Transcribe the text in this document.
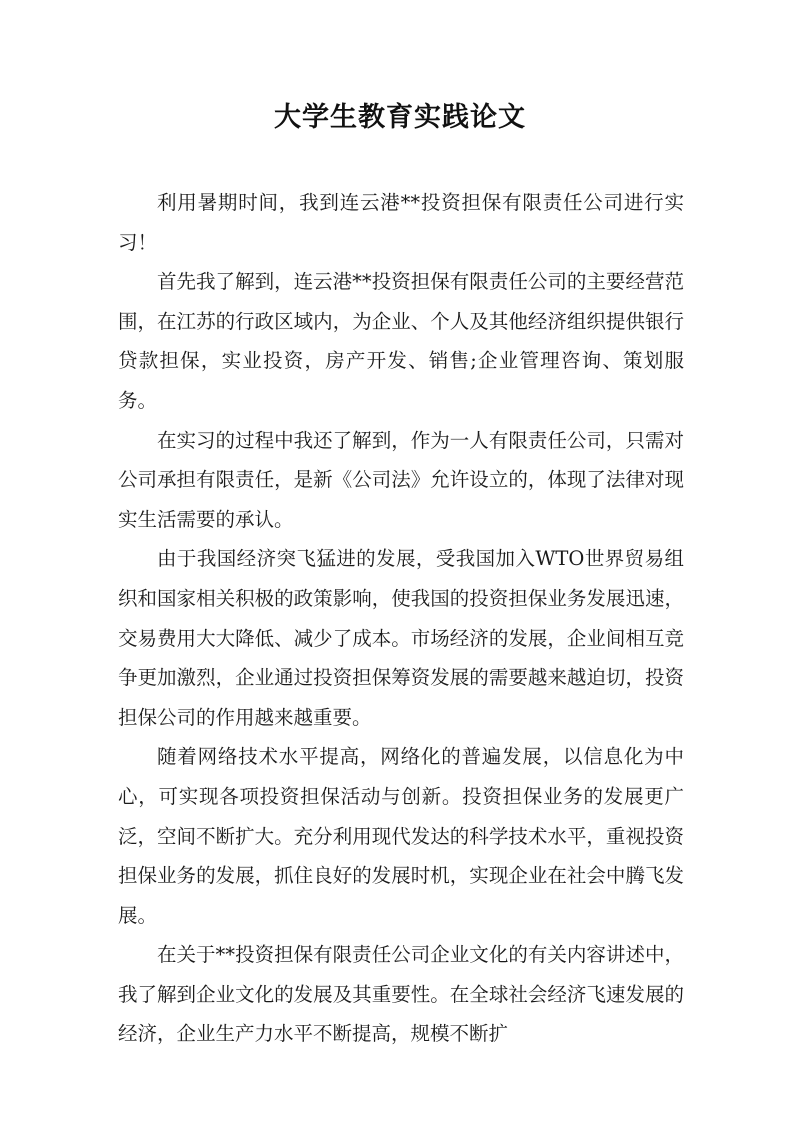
大学生教育实践论文

利用暑期时间，我到连云港**投资担保有限责任公司进行实习！

首先我了解到，连云港**投资担保有限责任公司的主要经营范围，在江苏的行政区域内，为企业、个人及其他经济组织提供银行贷款担保，实业投资，房产开发、销售;企业管理咨询、策划服务。

在实习的过程中我还了解到，作为一人有限责任公司，只需对公司承担有限责任，是新《公司法》允许设立的，体现了法律对现实生活需要的承认。

由于我国经济突飞猛进的发展，受我国加入WTO世界贸易组织和国家相关积极的政策影响，使我国的投资担保业务发展迅速，交易费用大大降低、减少了成本。市场经济的发展，企业间相互竞争更加激烈，企业通过投资担保筹资发展的需要越来越迫切，投资担保公司的作用越来越重要。

随着网络技术水平提高，网络化的普遍发展，以信息化为中心，可实现各项投资担保活动与创新。投资担保业务的发展更广泛，空间不断扩大。充分利用现代发达的科学技术水平，重视投资担保业务的发展，抓住良好的发展时机，实现企业在社会中腾飞发展。

在关于**投资担保有限责任公司企业文化的有关内容讲述中，我了解到企业文化的发展及其重要性。在全球社会经济飞速发展的经济，企业生产力水平不断提高，规模不断扩
